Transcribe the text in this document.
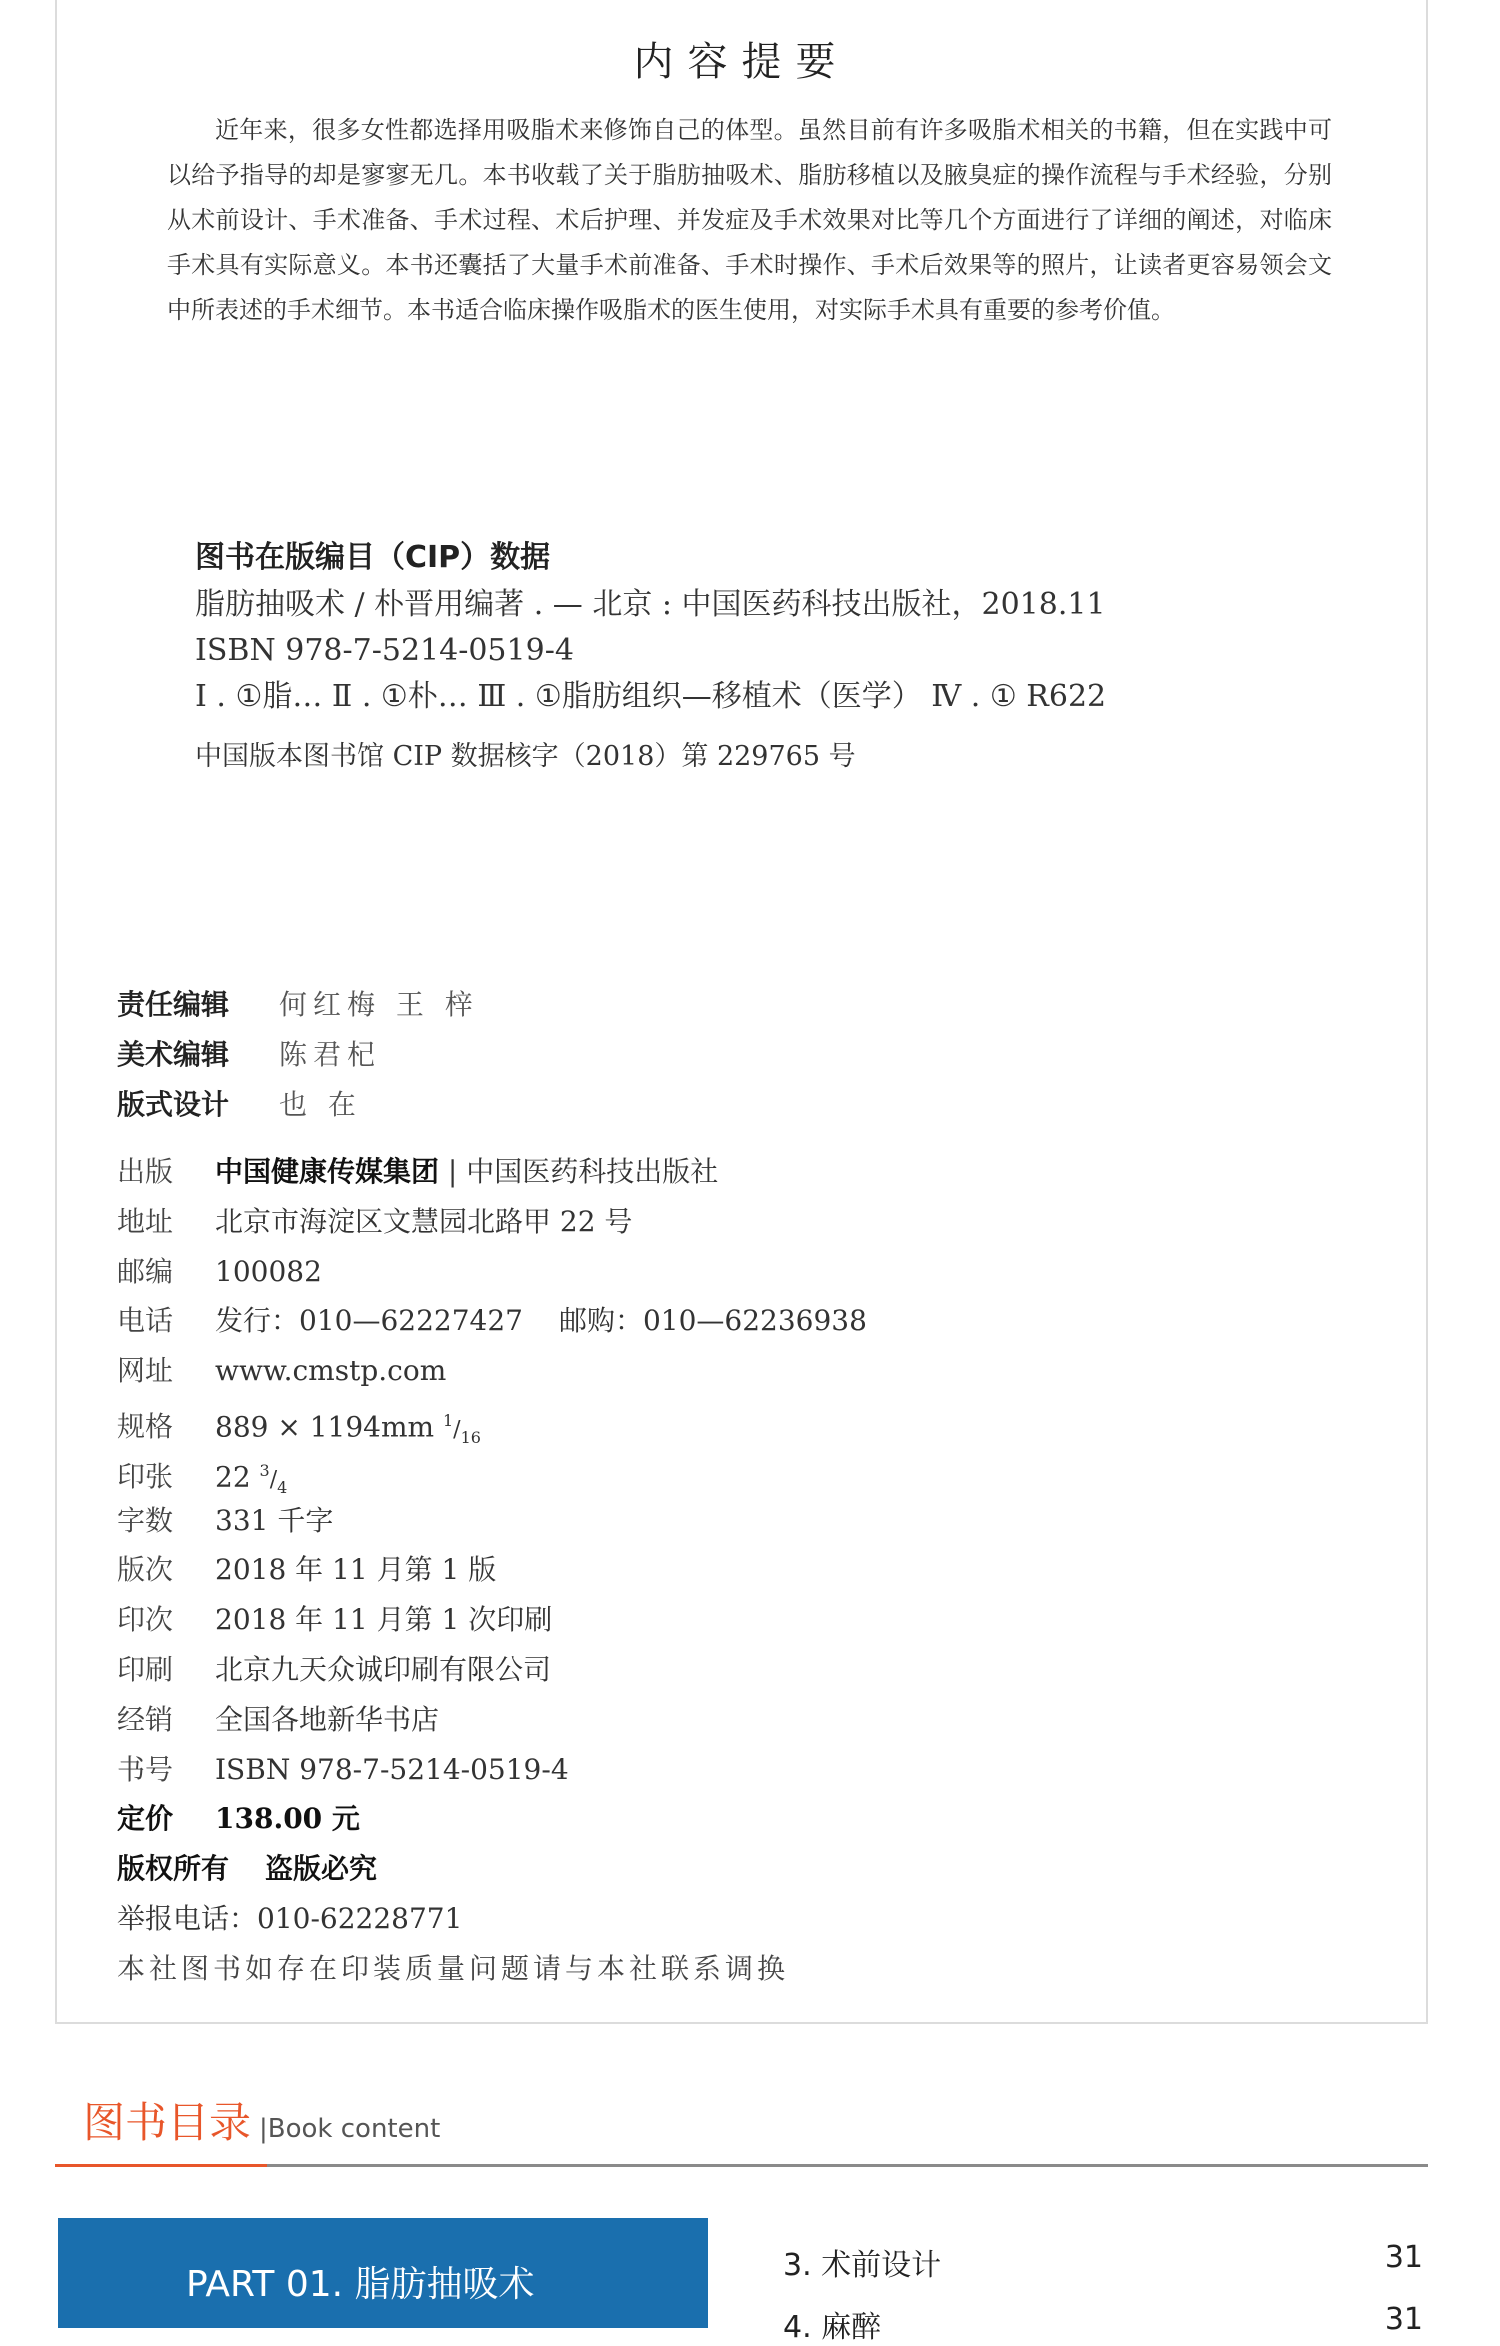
内容提要

近年来，很多女性都选择用吸脂术来修饰自己的体型。虽然目前有许多吸脂术相关的书籍，但在实践中可以给予指导的却是寥寥无几。本书收载了关于脂肪抽吸术、脂肪移植以及腋臭症的操作流程与手术经验，分别从术前设计、手术准备、手术过程、术后护理、并发症及手术效果对比等几个方面进行了详细的阐述，对临床手术具有实际意义。本书还囊括了大量手术前准备、手术时操作、手术后效果等的照片，让读者更容易领会文中所表述的手术细节。本书适合临床操作吸脂术的医生使用，对实际手术具有重要的参考价值。

图书在版编目（CIP）数据
脂肪抽吸术 / 朴晋用编著 . — 北京 : 中国医药科技出版社，2018.11
ISBN 978-7-5214-0519-4
Ⅰ . ①脂… Ⅱ . ①朴… Ⅲ . ①脂肪组织—移植术（医学） Ⅳ . ① R622
中国版本图书馆 CIP 数据核字（2018）第 229765 号
责任编辑 何红梅 王 梓
美术编辑 陈君杞
版式设计 也 在
出版 中国健康传媒集团 | 中国医药科技出版社
地址 北京市海淀区文慧园北路甲 22 号
邮编 100082
电话 发行：010—62227427 邮购：010—62236938
网址 www.cmstp.com
规格 889 × 1194mm $^1/_{16}$
印张 22 $^3/_4$
字数 331 千字
版次 2018 年 11 月第 1 版
印次 2018 年 11 月第 1 次印刷
印刷 北京九天众诚印刷有限公司
经销 全国各地新华书店
书号 ISBN 978-7-5214-0519-4
定价 138.00 元
版权所有 盗版必究
举报电话：010-62228771
本社图书如存在印装质量问题请与本社联系调换
图书目录 |Book content
PART 01. 脂肪抽吸术	3. 术前设计	31
4. 麻醉	31
